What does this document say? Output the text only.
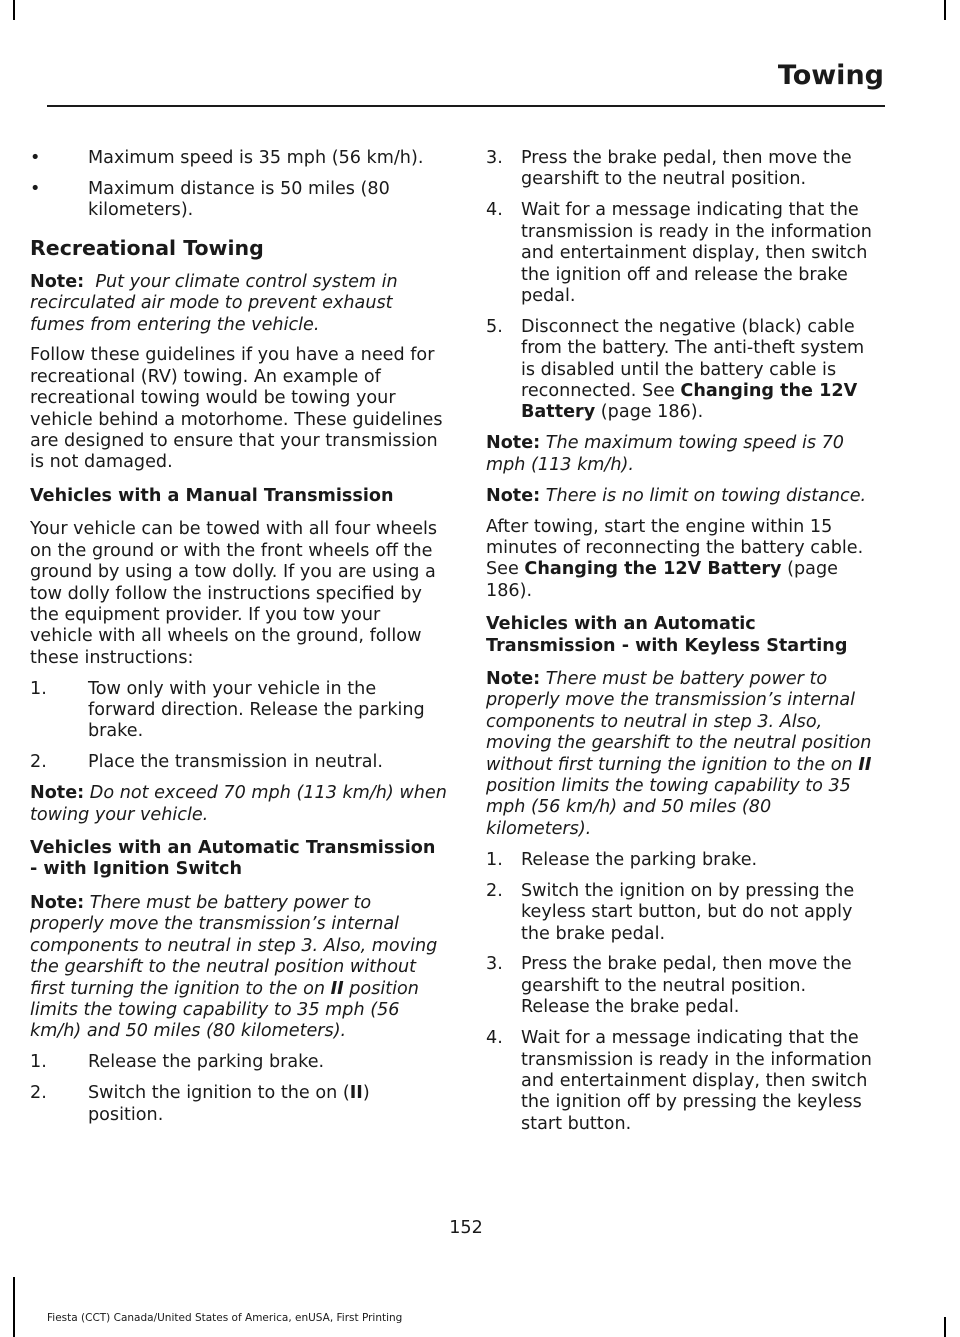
Towing
•	Maximum speed is 35 mph (56 km/h).
•	Maximum distance is 50 miles (80 kilometers).
Recreational Towing

Note: Put your climate control system in recirculated air mode to prevent exhaust fumes from entering the vehicle.

Follow these guidelines if you have a need for recreational (RV) towing. An example of recreational towing would be towing your vehicle behind a motorhome. These guidelines are designed to ensure that your transmission is not damaged.

Vehicles with a Manual Transmission

Your vehicle can be towed with all four wheels on the ground or with the front wheels off the ground by using a tow dolly. If you are using a tow dolly follow the instructions specified by the equipment provider. If you tow your vehicle with all wheels on the ground, follow these instructions:

1. Tow only with your vehicle in the forward direction. Release the parking brake.
2. Place the transmission in neutral.

Note: Do not exceed 70 mph (113 km/h) when towing your vehicle.

Vehicles with an Automatic Transmission - with Ignition Switch

Note: There must be battery power to properly move the transmission’s internal components to neutral in step 3. Also, moving the gearshift to the neutral position without first turning the ignition to the on II position limits the towing capability to 35 mph (56 km/h) and 50 miles (80 kilometers).

1. Release the parking brake.
2. Switch the ignition to the on (II) position.
3. Press the brake pedal, then move the gearshift to the neutral position.
4. Wait for a message indicating that the transmission is ready in the information and entertainment display, then switch the ignition off and release the brake pedal.
5. Disconnect the negative (black) cable from the battery. The anti-theft system is disabled until the battery cable is reconnected. See Changing the 12V Battery (page 186).

Note: The maximum towing speed is 70 mph (113 km/h).

Note: There is no limit on towing distance.

After towing, start the engine within 15 minutes of reconnecting the battery cable. See Changing the 12V Battery (page 186).

Vehicles with an Automatic Transmission - with Keyless Starting

Note: There must be battery power to properly move the transmission’s internal components to neutral in step 3. Also, moving the gearshift to the neutral position without first turning the ignition to the on II position limits the towing capability to 35 mph (56 km/h) and 50 miles (80 kilometers).

1. Release the parking brake.
2. Switch the ignition on by pressing the keyless start button, but do not apply the brake pedal.
3. Press the brake pedal, then move the gearshift to the neutral position. Release the brake pedal.
4. Wait for a message indicating that the transmission is ready in the information and entertainment display, then switch the ignition off by pressing the keyless start button.
152
Fiesta (CCT) Canada/United States of America, enUSA, First Printing
